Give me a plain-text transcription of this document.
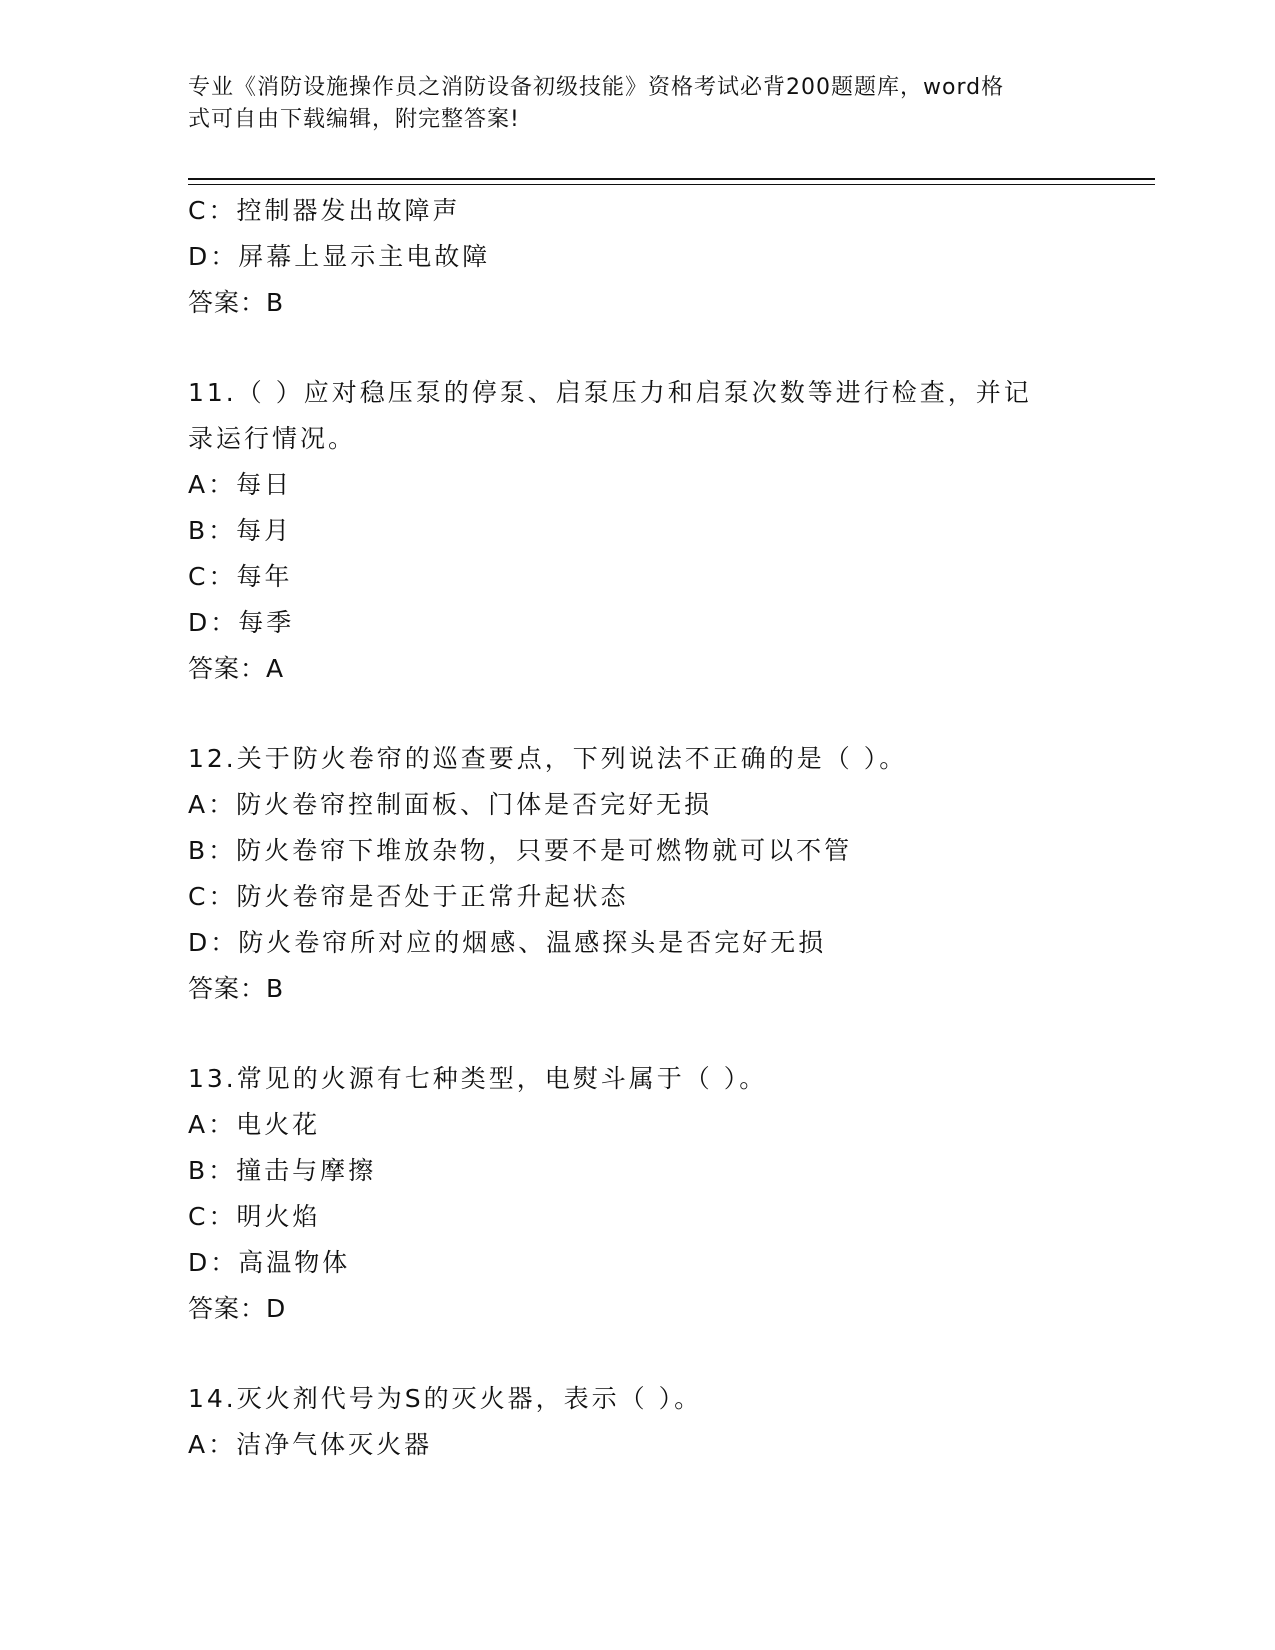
专业《消防设施操作员之消防设备初级技能》资格考试必背200题题库，word格
式可自由下载编辑，附完整答案!
C：控制器发出故障声
D：屏幕上显示主电故障
答案：B
11.（ ）应对稳压泵的停泵、启泵压力和启泵次数等进行检查，并记
录运行情况。
A：每日
B：每月
C：每年
D：每季
答案：A
12.关于防火卷帘的巡查要点，下列说法不正确的是（ ）。
A：防火卷帘控制面板、门体是否完好无损
B：防火卷帘下堆放杂物，只要不是可燃物就可以不管
C：防火卷帘是否处于正常升起状态
D：防火卷帘所对应的烟感、温感探头是否完好无损
答案：B
13.常见的火源有七种类型，电熨斗属于（ ）。
A：电火花
B：撞击与摩擦
C：明火焰
D：高温物体
答案：D
14.灭火剂代号为S的灭火器，表示（ ）。
A：洁净气体灭火器
